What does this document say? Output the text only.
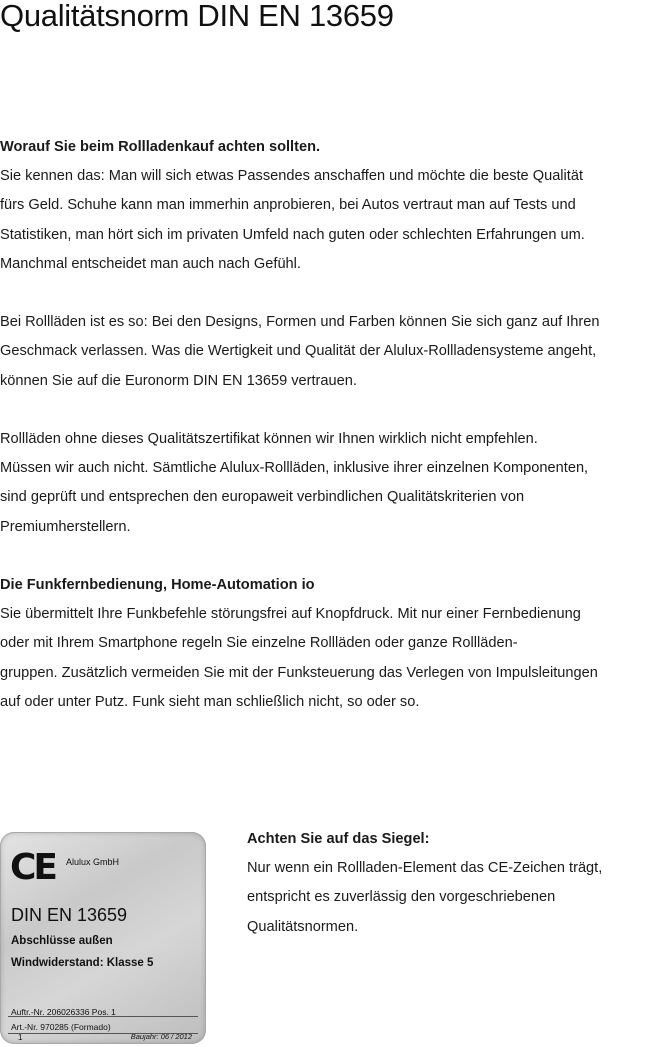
Qualitätsnorm DIN EN 13659
Worauf Sie beim Rollladenkauf achten sollten.
Sie kennen das: Man will sich etwas Passendes anschaffen und möchte die beste Qualität
fürs Geld. Schuhe kann man immerhin anprobieren, bei Autos vertraut man auf Tests und
Statistiken, man hört sich im privaten Umfeld nach guten oder schlechten Erfahrungen um.
Manchmal entscheidet man auch nach Gefühl.
Bei Rollläden ist es so: Bei den Designs, Formen und Farben können Sie sich ganz auf Ihren
Geschmack verlassen. Was die Wertigkeit und Qualität der Alulux-Rollladensysteme angeht,
können Sie auf die Euronorm DIN EN 13659 vertrauen.
Rollläden ohne dieses Qualitätszertifikat können wir Ihnen wirklich nicht empfehlen.
Müssen wir auch nicht. Sämtliche Alulux-Rollläden, inklusive ihrer einzelnen Komponenten,
sind geprüft und entsprechen den europaweit verbindlichen Qualitätskriterien von
Premiumherstellern.
Die Funkfernbedienung, Home-Automation io
Sie übermittelt Ihre Funkbefehle störungsfrei auf Knopfdruck. Mit nur einer Fernbedienung
oder mit Ihrem Smartphone regeln Sie einzelne Rollläden oder ganze Rollläden-
gruppen. Zusätzlich vermeiden Sie mit der Funksteuerung das Verlegen von Impulsleitungen
auf oder unter Putz. Funk sieht man schließlich nicht, so oder so.
CE Alulux GmbH
DIN EN 13659
Abschlüsse außen
Windwiderstand: Klasse 5
Auftr.-Nr. 206026336 Pos. 1
Art.-Nr. 970285 (Formado)
1	Baujahr: 06 / 2012
Achten Sie auf das Siegel:
Nur wenn ein Rollladen-Element das CE-Zeichen trägt,
entspricht es zuverlässig den vorgeschriebenen
Qualitätsnormen.
